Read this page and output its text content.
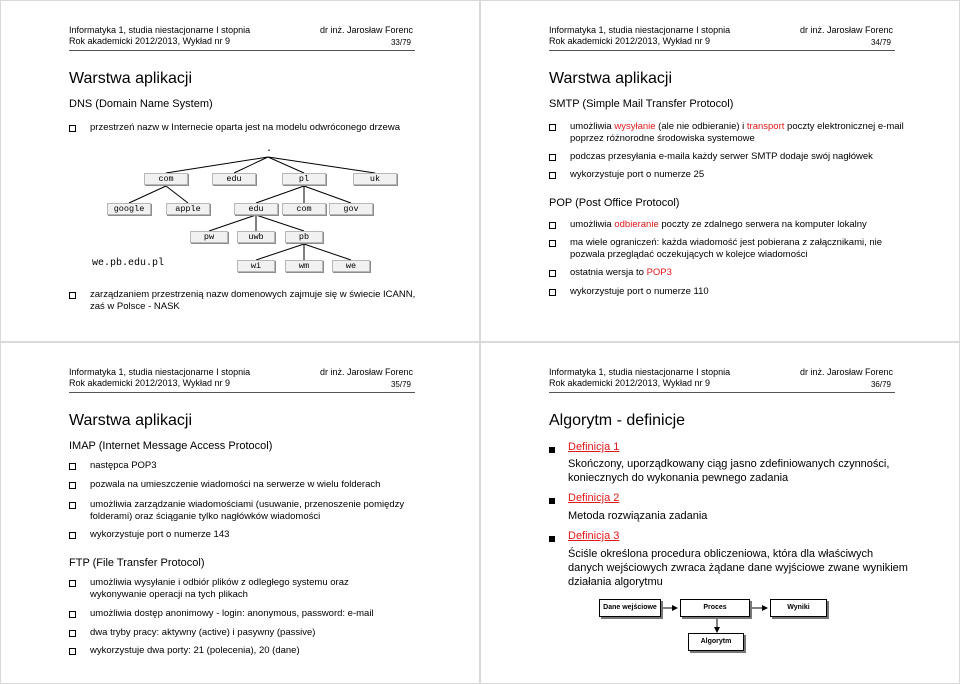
Informatyka 1, studia niestacjonarne I stopnia
Rok akademicki 2012/2013, Wykład nr 9
dr inż. Jarosław Forenc
33/79
Warstwa aplikacji
DNS (Domain Name System)
przestrzeń nazw w Internecie oparta jest na modelu odwróconego drzewa
.
com	edu	pl	uk
google	apple	edu	com	gov
pw	uwb	pb
wi	wm	we
we.pb.edu.pl
zarządzaniem przestrzenią nazw domenowych zajmuje się w świecie ICANN, zaś w Polsce - NASK
Informatyka 1, studia niestacjonarne I stopnia
Rok akademicki 2012/2013, Wykład nr 9
dr inż. Jarosław Forenc
34/79
Warstwa aplikacji
SMTP (Simple Mail Transfer Protocol)
umożliwia wysyłanie (ale nie odbieranie) i transport poczty elektronicznej e-mail poprzez różnorodne środowiska systemowe
podczas przesyłania e-maila każdy serwer SMTP dodaje swój nagłówek
wykorzystuje port o numerze 25
POP (Post Office Protocol)
umożliwia odbieranie poczty ze zdalnego serwera na komputer lokalny
ma wiele ograniczeń: każda wiadomość jest pobierana z załącznikami, nie pozwala przeglądać oczekujących w kolejce wiadomości
ostatnia wersja to POP3
wykorzystuje port o numerze 110
Informatyka 1, studia niestacjonarne I stopnia
Rok akademicki 2012/2013, Wykład nr 9
dr inż. Jarosław Forenc
35/79
Warstwa aplikacji
IMAP (Internet Message Access Protocol)
następca POP3
pozwala na umieszczenie wiadomości na serwerze w wielu folderach
umożliwia zarządzanie wiadomościami (usuwanie, przenoszenie pomiędzy folderami) oraz ściąganie tylko nagłówków wiadomości
wykorzystuje port o numerze 143
FTP (File Transfer Protocol)
umożliwia wysyłanie i odbiór plików z odległego systemu oraz wykonywanie operacji na tych plikach
umożliwia dostęp anonimowy - login: anonymous, password: e-mail
dwa tryby pracy: aktywny (active) i pasywny (passive)
wykorzystuje dwa porty: 21 (polecenia), 20 (dane)
Informatyka 1, studia niestacjonarne I stopnia
Rok akademicki 2012/2013, Wykład nr 9
dr inż. Jarosław Forenc
36/79
Algorytm - definicje
Definicja 1
Skończony, uporządkowany ciąg jasno zdefiniowanych czynności, koniecznych do wykonania pewnego zadania
Definicja 2
Metoda rozwiązania zadania
Definicja 3
Ściśle określona procedura obliczeniowa, która dla właściwych danych wejściowych zwraca żądane dane wyjściowe zwane wynikiem działania algorytmu
Dane wejściowe	Proces	Wyniki
Algorytm
